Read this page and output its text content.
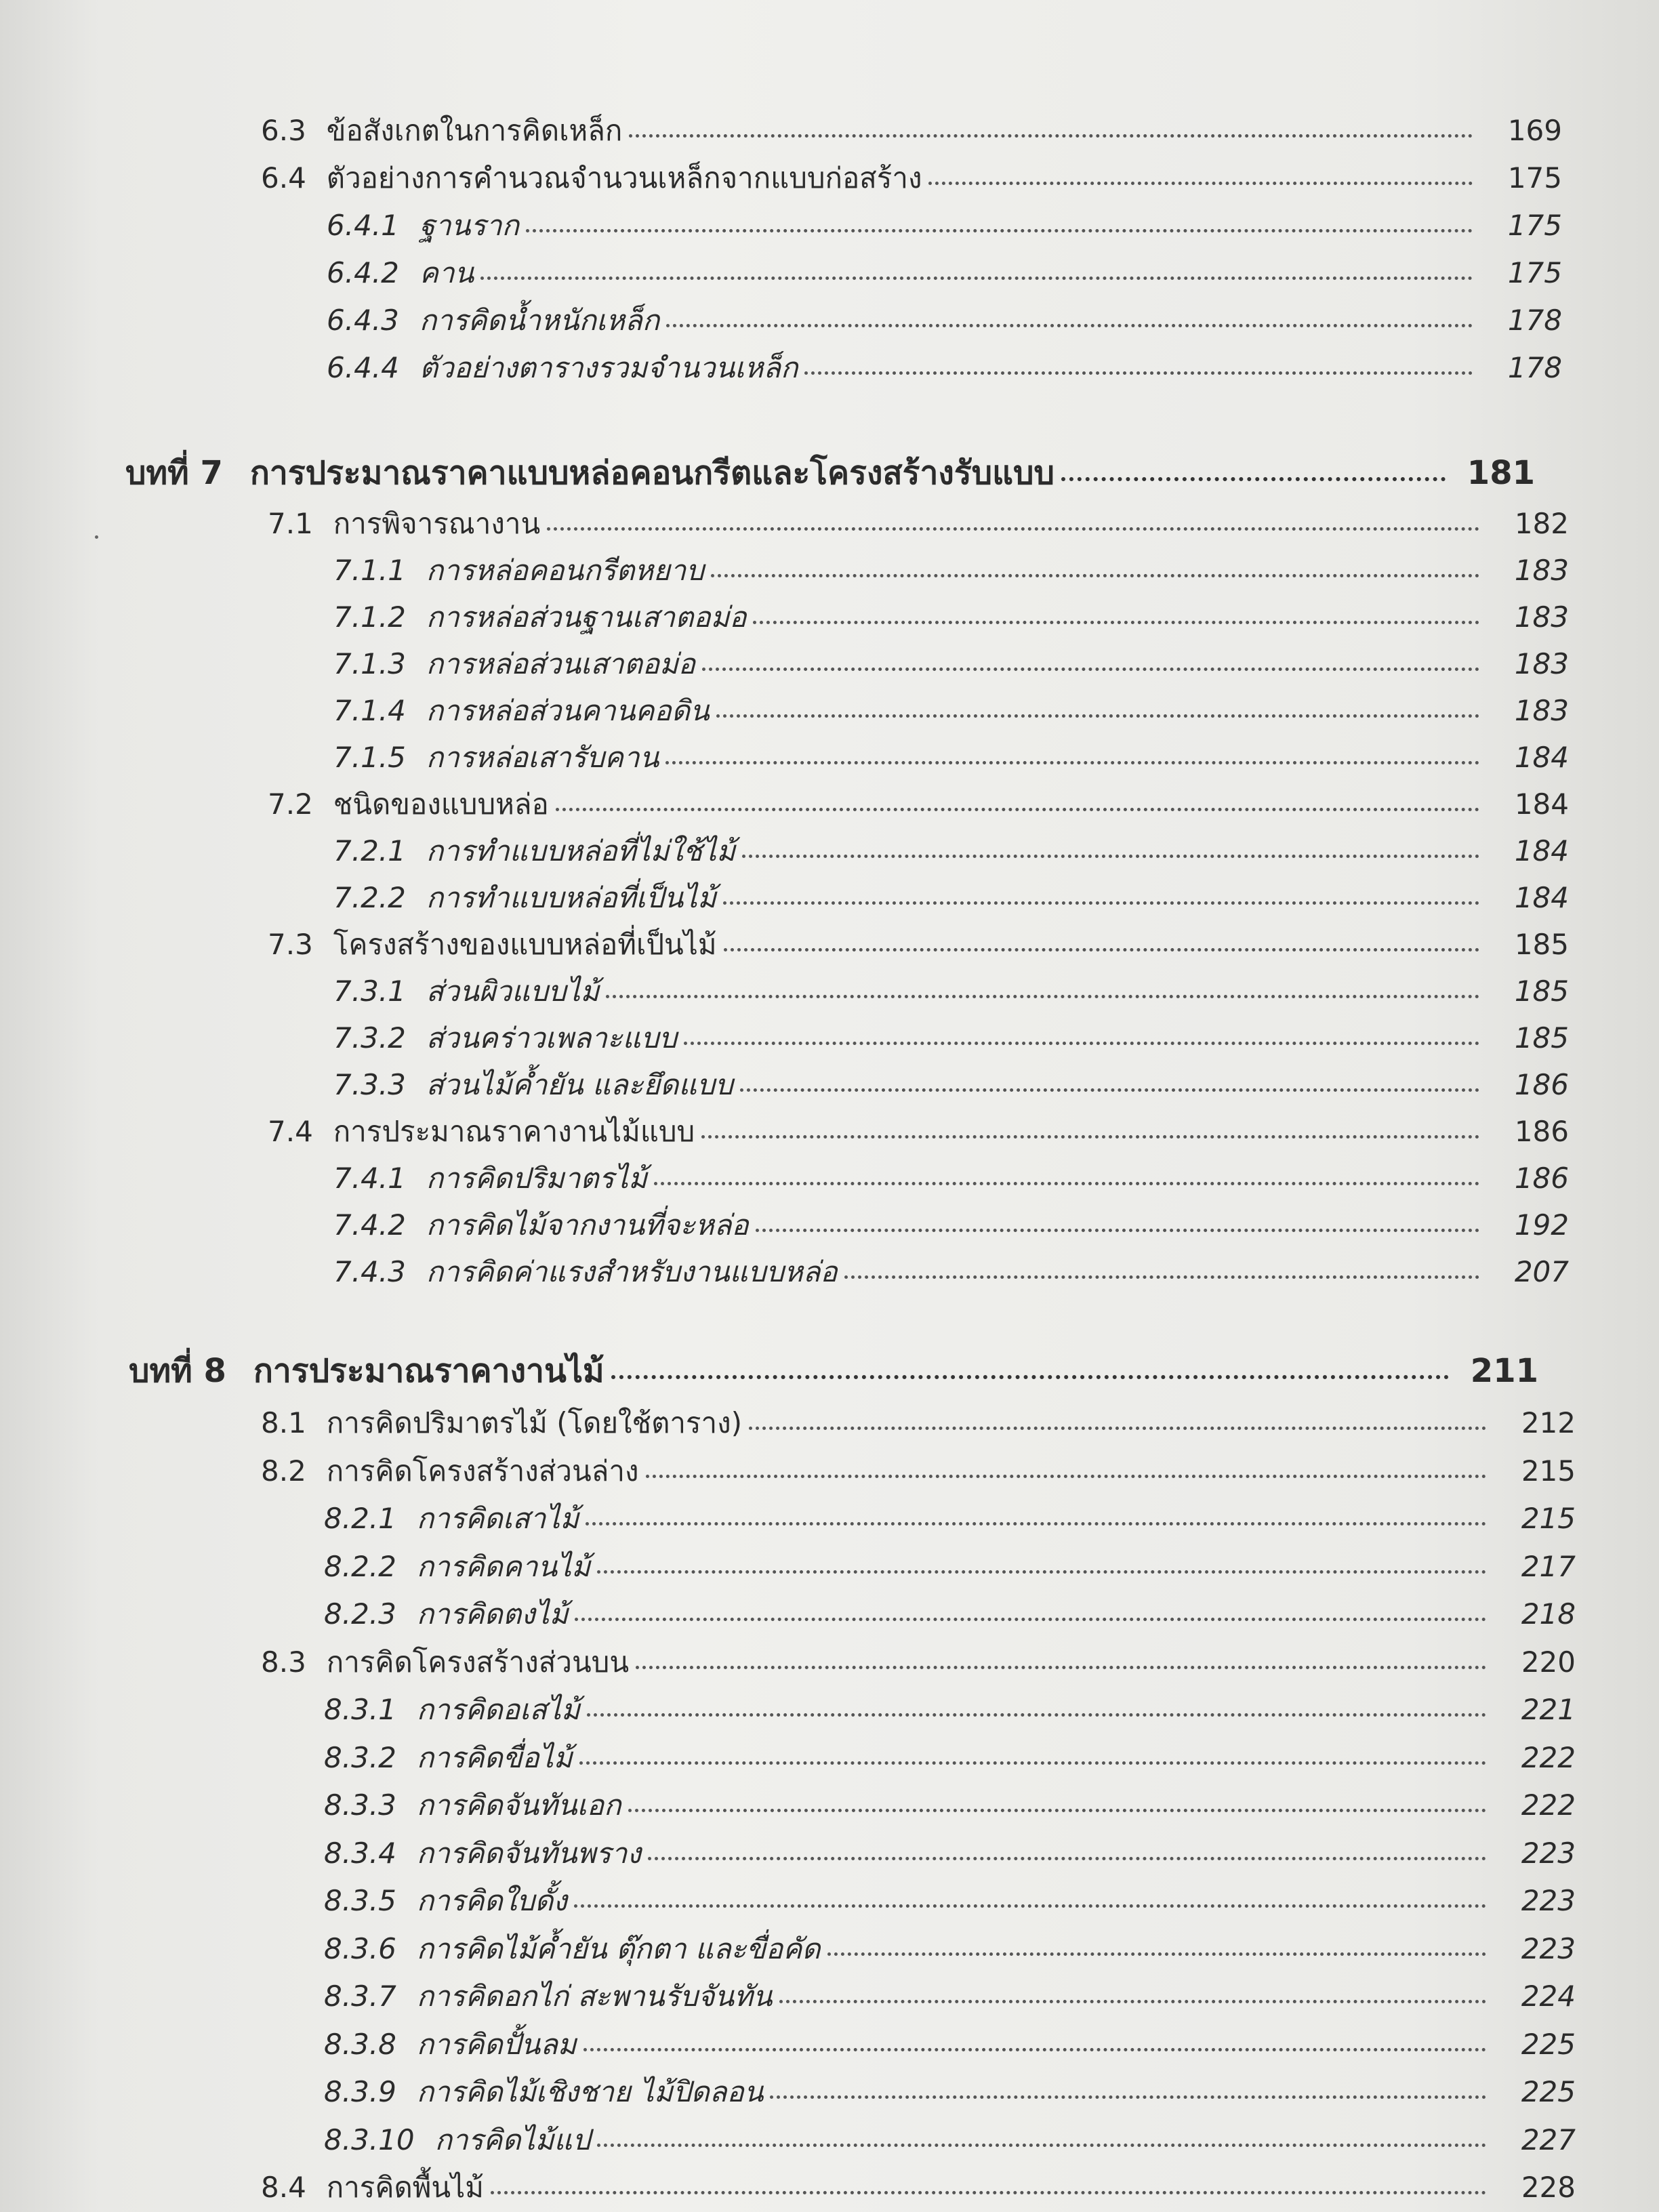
6.3 ข้อสังเกตในการคิดเหล็ก	169
6.4 ตัวอย่างการคำนวณจำนวนเหล็กจากแบบก่อสร้าง	175
6.4.1 ฐานราก	175
6.4.2 คาน	175
6.4.3 การคิดน้ำหนักเหล็ก	178
6.4.4 ตัวอย่างตารางรวมจำนวนเหล็ก	178
บทที่ 7 การประมาณราคาแบบหล่อคอนกรีตและโครงสร้างรับแบบ	181
7.1 การพิจารณางาน	182
7.1.1 การหล่อคอนกรีตหยาบ	183
7.1.2 การหล่อส่วนฐานเสาตอม่อ	183
7.1.3 การหล่อส่วนเสาตอม่อ	183
7.1.4 การหล่อส่วนคานคอดิน	183
7.1.5 การหล่อเสารับคาน	184
7.2 ชนิดของแบบหล่อ	184
7.2.1 การทำแบบหล่อที่ไม่ใช้ไม้	184
7.2.2 การทำแบบหล่อที่เป็นไม้	184
7.3 โครงสร้างของแบบหล่อที่เป็นไม้	185
7.3.1 ส่วนผิวแบบไม้	185
7.3.2 ส่วนคร่าวเพลาะแบบ	185
7.3.3 ส่วนไม้ค้ำยัน และยึดแบบ	186
7.4 การประมาณราคางานไม้แบบ	186
7.4.1 การคิดปริมาตรไม้	186
7.4.2 การคิดไม้จากงานที่จะหล่อ	192
7.4.3 การคิดค่าแรงสำหรับงานแบบหล่อ	207
บทที่ 8 การประมาณราคางานไม้	211
8.1 การคิดปริมาตรไม้ (โดยใช้ตาราง)	212
8.2 การคิดโครงสร้างส่วนล่าง	215
8.2.1 การคิดเสาไม้	215
8.2.2 การคิดคานไม้	217
8.2.3 การคิดตงไม้	218
8.3 การคิดโครงสร้างส่วนบน	220
8.3.1 การคิดอเสไม้	221
8.3.2 การคิดขื่อไม้	222
8.3.3 การคิดจันทันเอก	222
8.3.4 การคิดจันทันพราง	223
8.3.5 การคิดใบดั้ง	223
8.3.6 การคิดไม้ค้ำยัน ตุ๊กตา และขื่อคัด	223
8.3.7 การคิดอกไก่ สะพานรับจันทัน	224
8.3.8 การคิดปั้นลม	225
8.3.9 การคิดไม้เชิงชาย ไม้ปิดลอน	225
8.3.10 การคิดไม้แป	227
8.4 การคิดพื้นไม้	228
